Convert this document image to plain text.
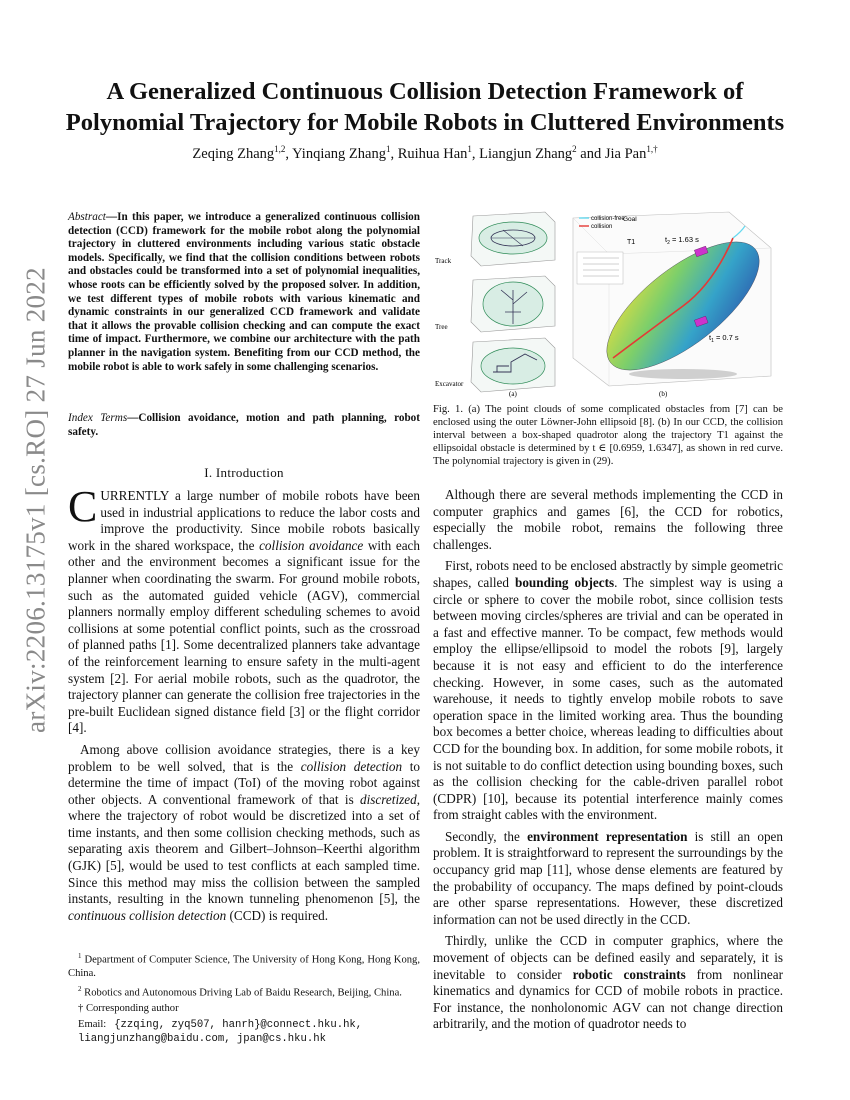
arXiv:2206.13175v1 [cs.RO] 27 Jun 2022
A Generalized Continuous Collision Detection Framework of
Polynomial Trajectory for Mobile Robots in Cluttered Environments
Zeqing Zhang$^{1,2}$, Yinqiang Zhang$^1$, Ruihua Han$^1$, Liangjun Zhang$^2$ and Jia Pan$^{1,\dagger}$
Abstract—In this paper, we introduce a generalized continuous collision detection (CCD) framework for the mobile robot along the polynomial trajectory in cluttered environments including various static obstacle models. Specifically, we find that the collision conditions between robots and obstacles could be transformed into a set of polynomial inequalities, whose roots can be efficiently solved by the proposed solver. In addition, we test different types of mobile robots with various kinematic and dynamic constraints in our generalized CCD framework and validate that it allows the provable collision checking and can compute the exact time of impact. Furthermore, we combine our architecture with the path planner in the navigation system. Benefiting from our CCD method, the mobile robot is able to work safely in some challenging scenarios.
Index Terms—Collision avoidance, motion and path planning, robot safety.
I. Introduction

CURRENTLY a large number of mobile robots have been used in industrial applications to reduce the labor costs and improve the productivity. Since mobile robots basically work in the shared workspace, the collision avoidance with each other and the environment becomes a significant issue for the planner when coordinating the swarm. For ground mobile robots, such as the automated guided vehicle (AGV), commercial planners normally employ different scheduling schemes to avoid collisions at some potential conflict points, such as the crossroad of planned paths [1]. Some decentralized planners take advantage of the reinforcement learning to ensure safety in the multi-agent system [2]. For aerial mobile robots, such as the quadrotor, the trajectory planner can generate the collision free trajectories in the pre-built Euclidean signed distance field [3] or the flight corridor [4].

Among above collision avoidance strategies, there is a key problem to be well solved, that is the collision detection to determine the time of impact (ToI) of the moving robot against other objects. A conventional framework of that is discretized, where the trajectory of robot would be discretized into a set of time instants, and then some collision checking methods, such as separating axis theorem and Gilbert–Johnson–Keerthi algorithm (GJK) [5], would be used to test conflicts at each sampled time. Since this method may miss the collision between the sampled instants, resulting in the known tunneling phenomenon [5], the continuous collision detection (CCD) is required.

$^1$ Department of Computer Science, The University of Hong Kong, Hong Kong, China.

$^2$ Robotics and Autonomous Driving Lab of Baidu Research, Beijing, China.

† Corresponding author

Email: {zzqing, zyq507, hanrh}@connect.hku.hk,
liangjunzhang@baidu.com, jpan@cs.hku.hk

Track
Tree
Excavator
(a)
collision-free
collision
Goal
T1	$t_2 = 1.63$ s
$t_1 = 0.7$ s
(b)
Fig. 1. (a) The point clouds of some complicated obstacles from [7] can be enclosed using the outer Löwner-John ellipsoid [8]. (b) In our CCD, the collision interval between a box-shaped quadrotor along the trajectory T1 against the ellipsoidal obstacle is determined by t ∈ [0.6959, 1.6347], as shown in red curve. The polynomial trajectory is given in (29).

Although there are several methods implementing the CCD in computer graphics and games [6], the CCD for robotics, especially the mobile robot, remains the following three challenges.

First, robots need to be enclosed abstractly by simple geometric shapes, called bounding objects. The simplest way is using a circle or sphere to cover the mobile robot, since collision tests between moving circles/spheres are trivial and can be operated in a fast and effective manner. To be compact, few methods would employ the ellipse/ellipsoid to model the robots [9], largely because it is not easy and efficient to do the interference checking. However, in some cases, such as the automated warehouse, it needs to tightly envelop mobile robots to save operation space in the limited working area. Thus the bounding box becomes a better choice, whereas leading to difficulties about CCD for the bounding box. In addition, for some mobile robots, it is not suitable to do conflict detection using bounding boxes, such as the collision checking for the cable-driven parallel robot (CDPR) [10], because its potential interference mainly comes from straight cables with the environment.

Secondly, the environment representation is still an open problem. It is straightforward to represent the surroundings by the occupancy grid map [11], whose dense elements are featured by the probability of occupancy. The maps defined by point-clouds are other sparse representations. However, these discretized information can not be used directly in the CCD.

Thirdly, unlike the CCD in computer graphics, where the movement of objects can be defined easily and separately, it is inevitable to consider robotic constraints from nonlinear kinematics and dynamics for CCD of mobile robots in practice. For instance, the nonholonomic AGV can not change direction arbitrarily, and the motion of quadrotor needs to
